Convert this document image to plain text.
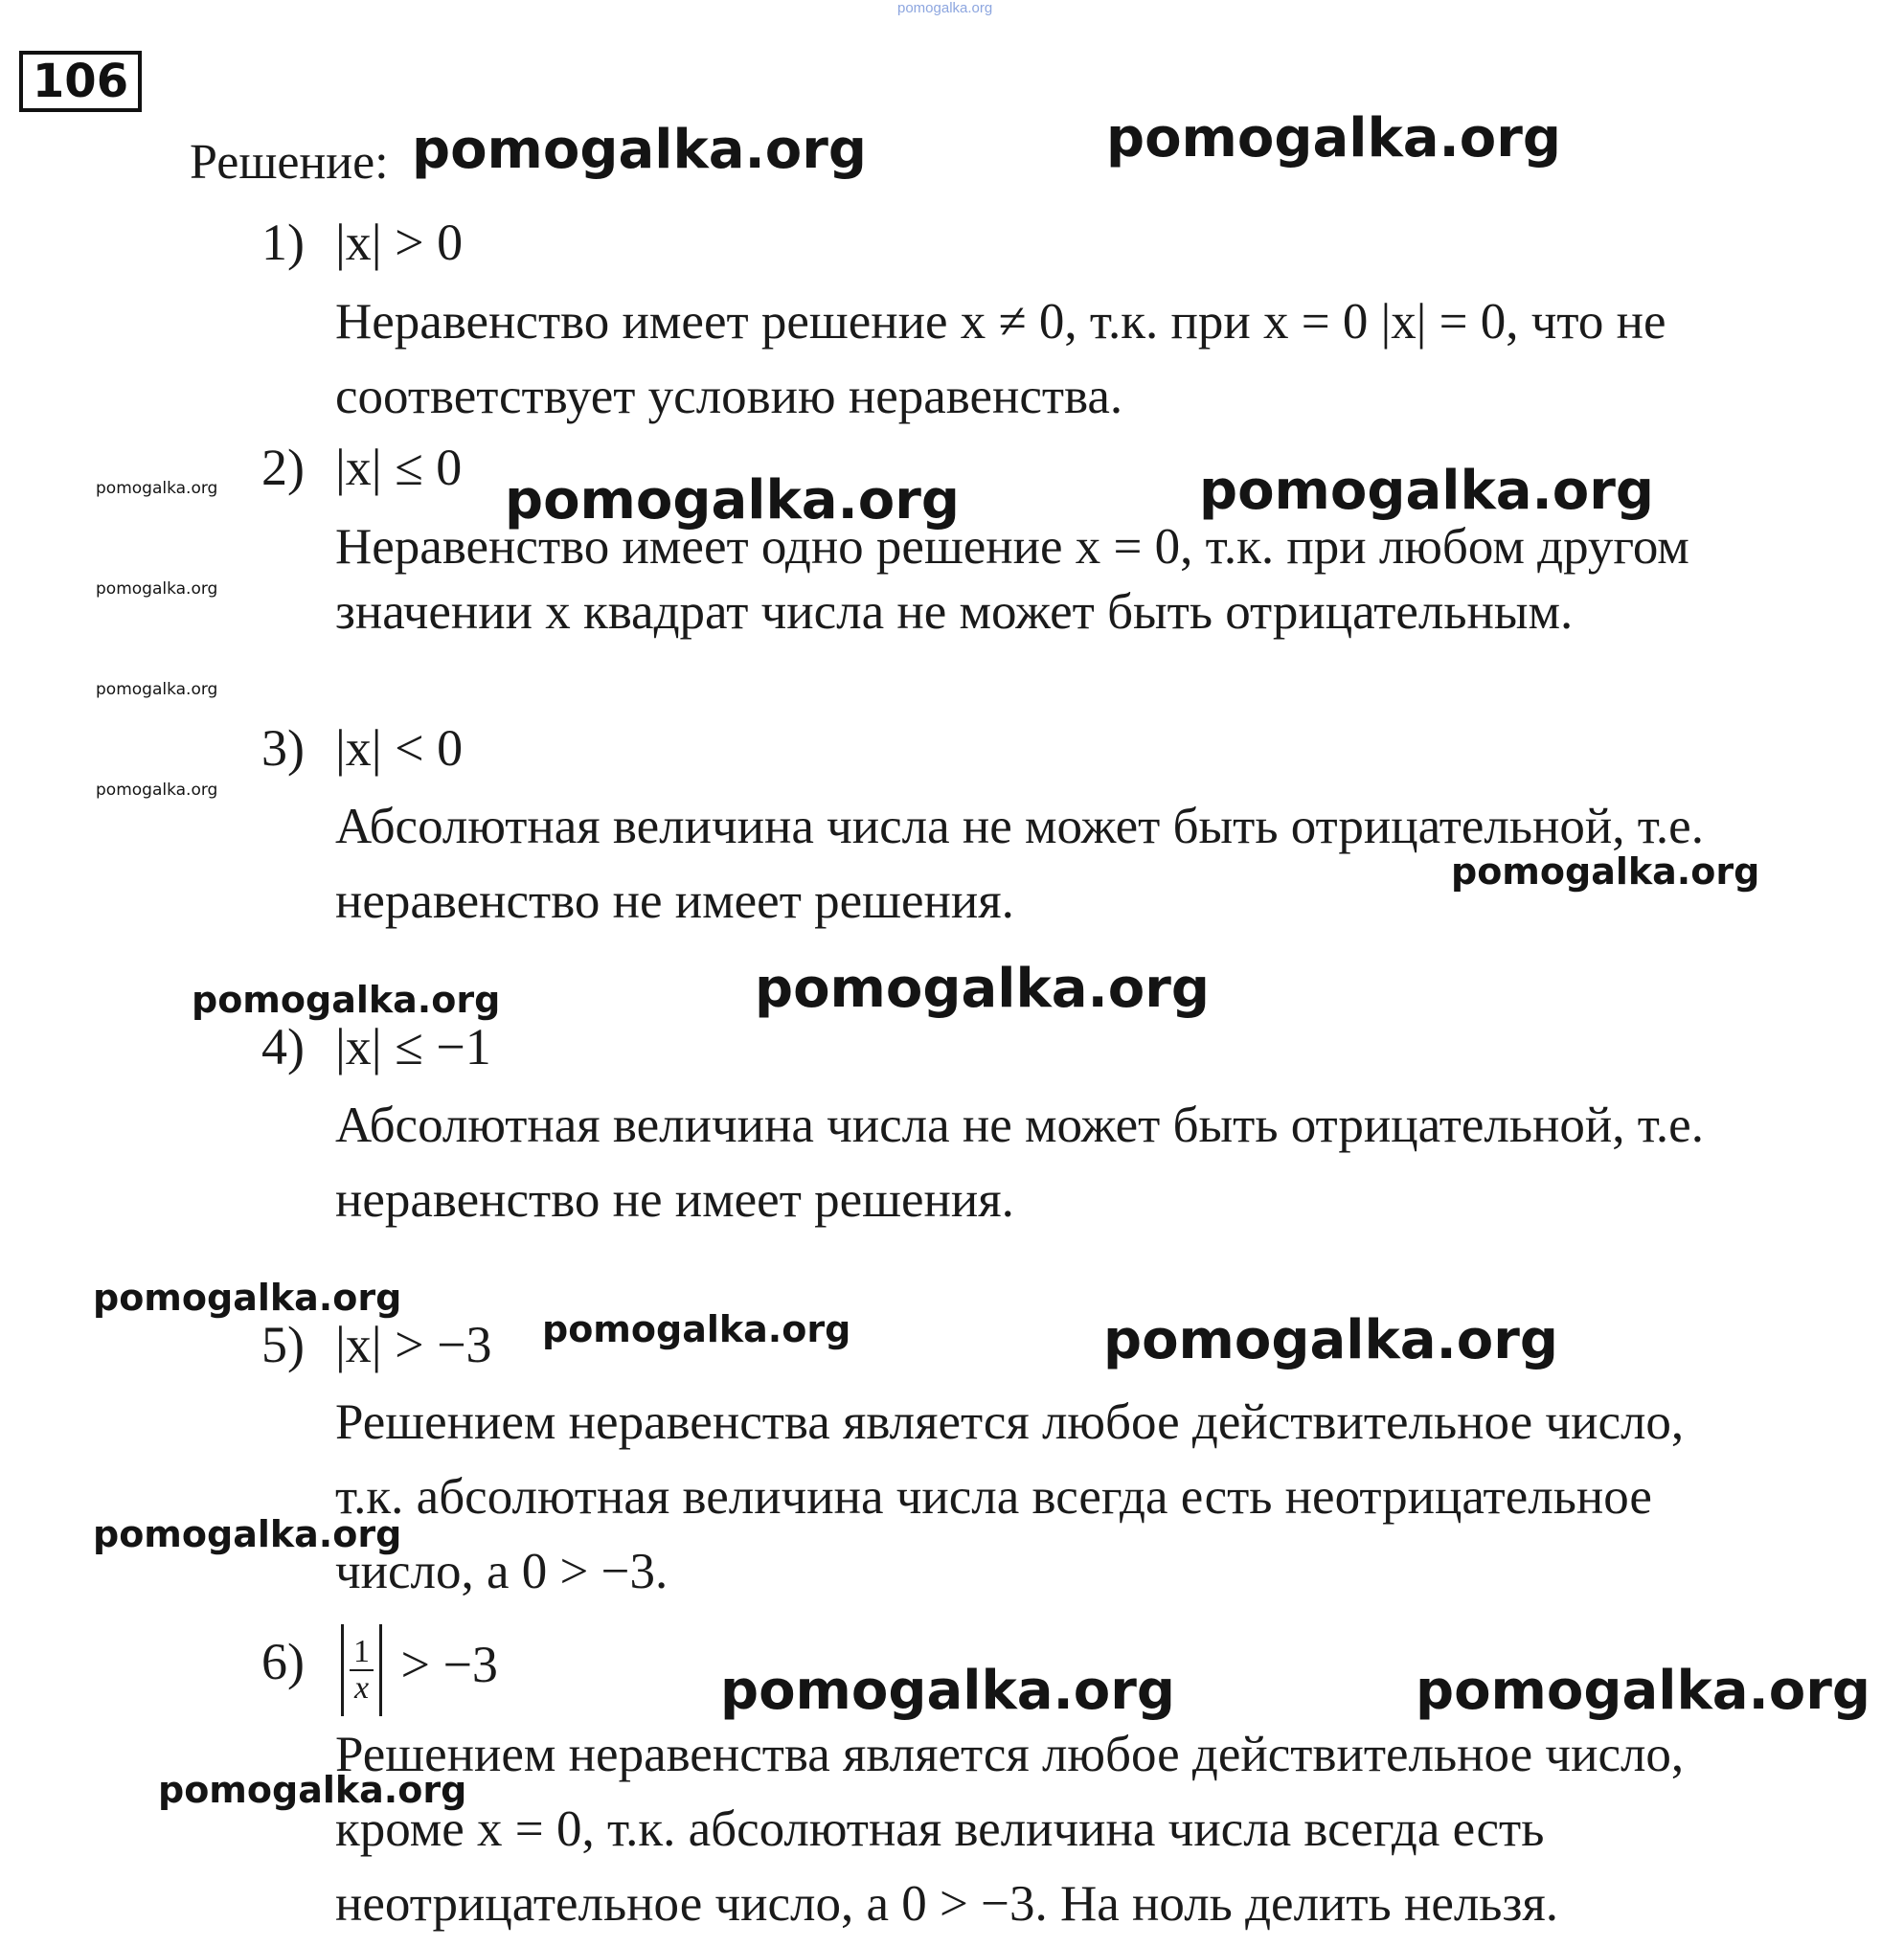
pomogalka.org
106
Решение:
1) |x| > 0
Неравенство имеет решение x ≠ 0, т.к. при x = 0 |x| = 0, что не
соответствует условию неравенства.
2) |x| ≤ 0
Неравенство имеет одно решение x = 0, т.к. при любом другом
значении x квадрат числа не может быть отрицательным.
3) |x| < 0
Абсолютная величина числа не может быть отрицательной, т.е.
неравенство не имеет решения.
4) |x| ≤ −1
Абсолютная величина числа не может быть отрицательной, т.е.
неравенство не имеет решения.
5) |x| > −3
Решением неравенства является любое действительное число,
т.к. абсолютная величина числа всегда есть неотрицательное
число, а 0 > −3.
$6) \frac{1}{x} > -3$
Решением неравенства является любое действительное число,
кроме x = 0, т.к. абсолютная величина числа всегда есть
неотрицательное число, а 0 > −3. На ноль делить нельзя.
pomogalka.org	pomogalka.org
pomogalka.org	pomogalka.org	pomogalka.org
pomogalka.org
pomogalka.org
pomogalka.org
pomogalka.org
pomogalka.org	pomogalka.org
pomogalka.org
pomogalka.org	pomogalka.org
pomogalka.org
pomogalka.org	pomogalka.org
pomogalka.org
